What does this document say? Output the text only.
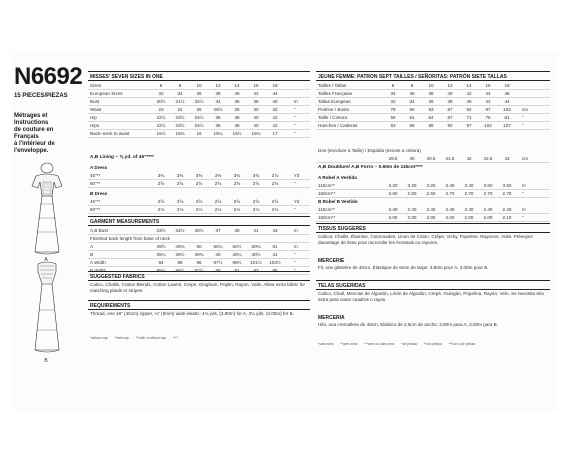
N6692
15 PIECES/PIEZAS
Métrages et
Instructions
de couture en
Français
à l'intérieur de
l'enveloppe.
A
B
MISSES' SEVEN SIZES IN ONE
Sizes	6	8	10	12	14	16	18
European Sizes	32	34	36	38	40	42	44
Bust	30½	31½	32½	34	36	38	40	In
Waist	23	24	25	26½	28	30	32	"
Hip	32½	33½	34½	36	38	40	42	"
Hips	32½	33½	34½	36	38	40	42	"
Back–neck to waist	15½	15¾	16	16¼	16½	16¾	17	"
A,B Lining – ⅝ yd. of 45"****
A Dress
45"**	3⅜	3⅜	3⅜	3⅜	3¾	3¾	3⅞	Yd
60"**	2⅝	2⅝	2⅝	2⅝	2⅝	2⅝	2⅝	"
B Dress
45"**	2⅝	2⅝	2⅝	2⅝	2⅝	2⅝	2⅝	Yd
60"**	2⅛	2⅛	2⅛	2⅛	2⅛	2⅛	2⅛	"
GARMENT MEASUREMENTS
A,B Bust	33½	34½	35½	37	39	41	43	In
Finished back length from base of neck
A	49½	49¾	50	50¼	50½	50¾	51	In
B	39¼	39½	39¾	40	40¼	40½	41	"
A Width	94	95	96	97½	99½	101½ 103½	"
B Width	85¼	86½	87½	89	91	93	95	"
SUGGESTED FABRICS
Calico, Challis, Cotton Blends, Cotton Lawns, Crepe, Gingham, Poplin, Rayon, Voile. Allow extra fabric for matching plaids or stripes.
REQUIREMENTS
Thread, one 16" (40cm) zipper, ¼" (6mm) wide elastic: 4⅛ yds. (3.80m) for A, 3⅛ yds. (3.00m) for B.
*without nap **with nap ***with or without nap ****
JEUNE FEMME: PATRON SEPT TAILLES / SEÑORITAS: PATRÓN SIETE TALLAS
Tailles / Tallas	6	8	10	12	14	16	18
Tailles Française	34	36	38	40	42	44	46
Tallas Europeas	32	34	36	38	40	42	44
Poitrine / Busto	78	80	83	87	92	97	102	cm
Taille / Cintura	58	61	64	67	71	76	81	"
Hanches / Caderas	83	85	88	92	97	102	107	"
Dos (encolure à Taille) / Espalda (escote a cintura)
39.5	40	40.5	41.5	42	42.5	43	cm
A,B Doublure/ A,B Forro – 0.60m de 115cm****
A Robe/ A Vestido
115cm**	3.20	3.20	3.20	3.40	3.40	3.50	3.50	m
150cm**	2.60	2.60	2.60	2.70	2.70	2.70	2.70	"
B Robe/ B Vestido
115cm**	2.40	2.40	2.40	2.40	2.40	2.40	2.40	m
150cm**	2.00	2.00	2.00	2.00	2.00	2.00	2.10	"
TISSUS SUGGERES
Calicot, Challis, Étamine, Cotonnades, Linon de Coton, Crêpe, Vichy, Popeline, Rayonne, Voile. Prévoyez davantage de tissu pour raccorder les écossais ou rayures.
MERCERIE
Fil, une glissière de 40cm, Élastique de 6mm de large: 3.80m pour A, 3.00m pour B.
TELAS SUGERIDAS
Calico, Chalí, Mezclas de Algodón, Linón de Algodón, Crepé, Guingán, Popelina, Rayón, Velo. Se necesita tela extra para casar cuadros o rayas.
MERCERIA
Hilo, una cremallera de 40cm, Elástico de 2.5cm de ancho: 3.80m para A, 3.00m para B.
*sans sens **avec sens ***avec ou sans sens *sin pelusa **con pelusa ***con o sin pelusa
